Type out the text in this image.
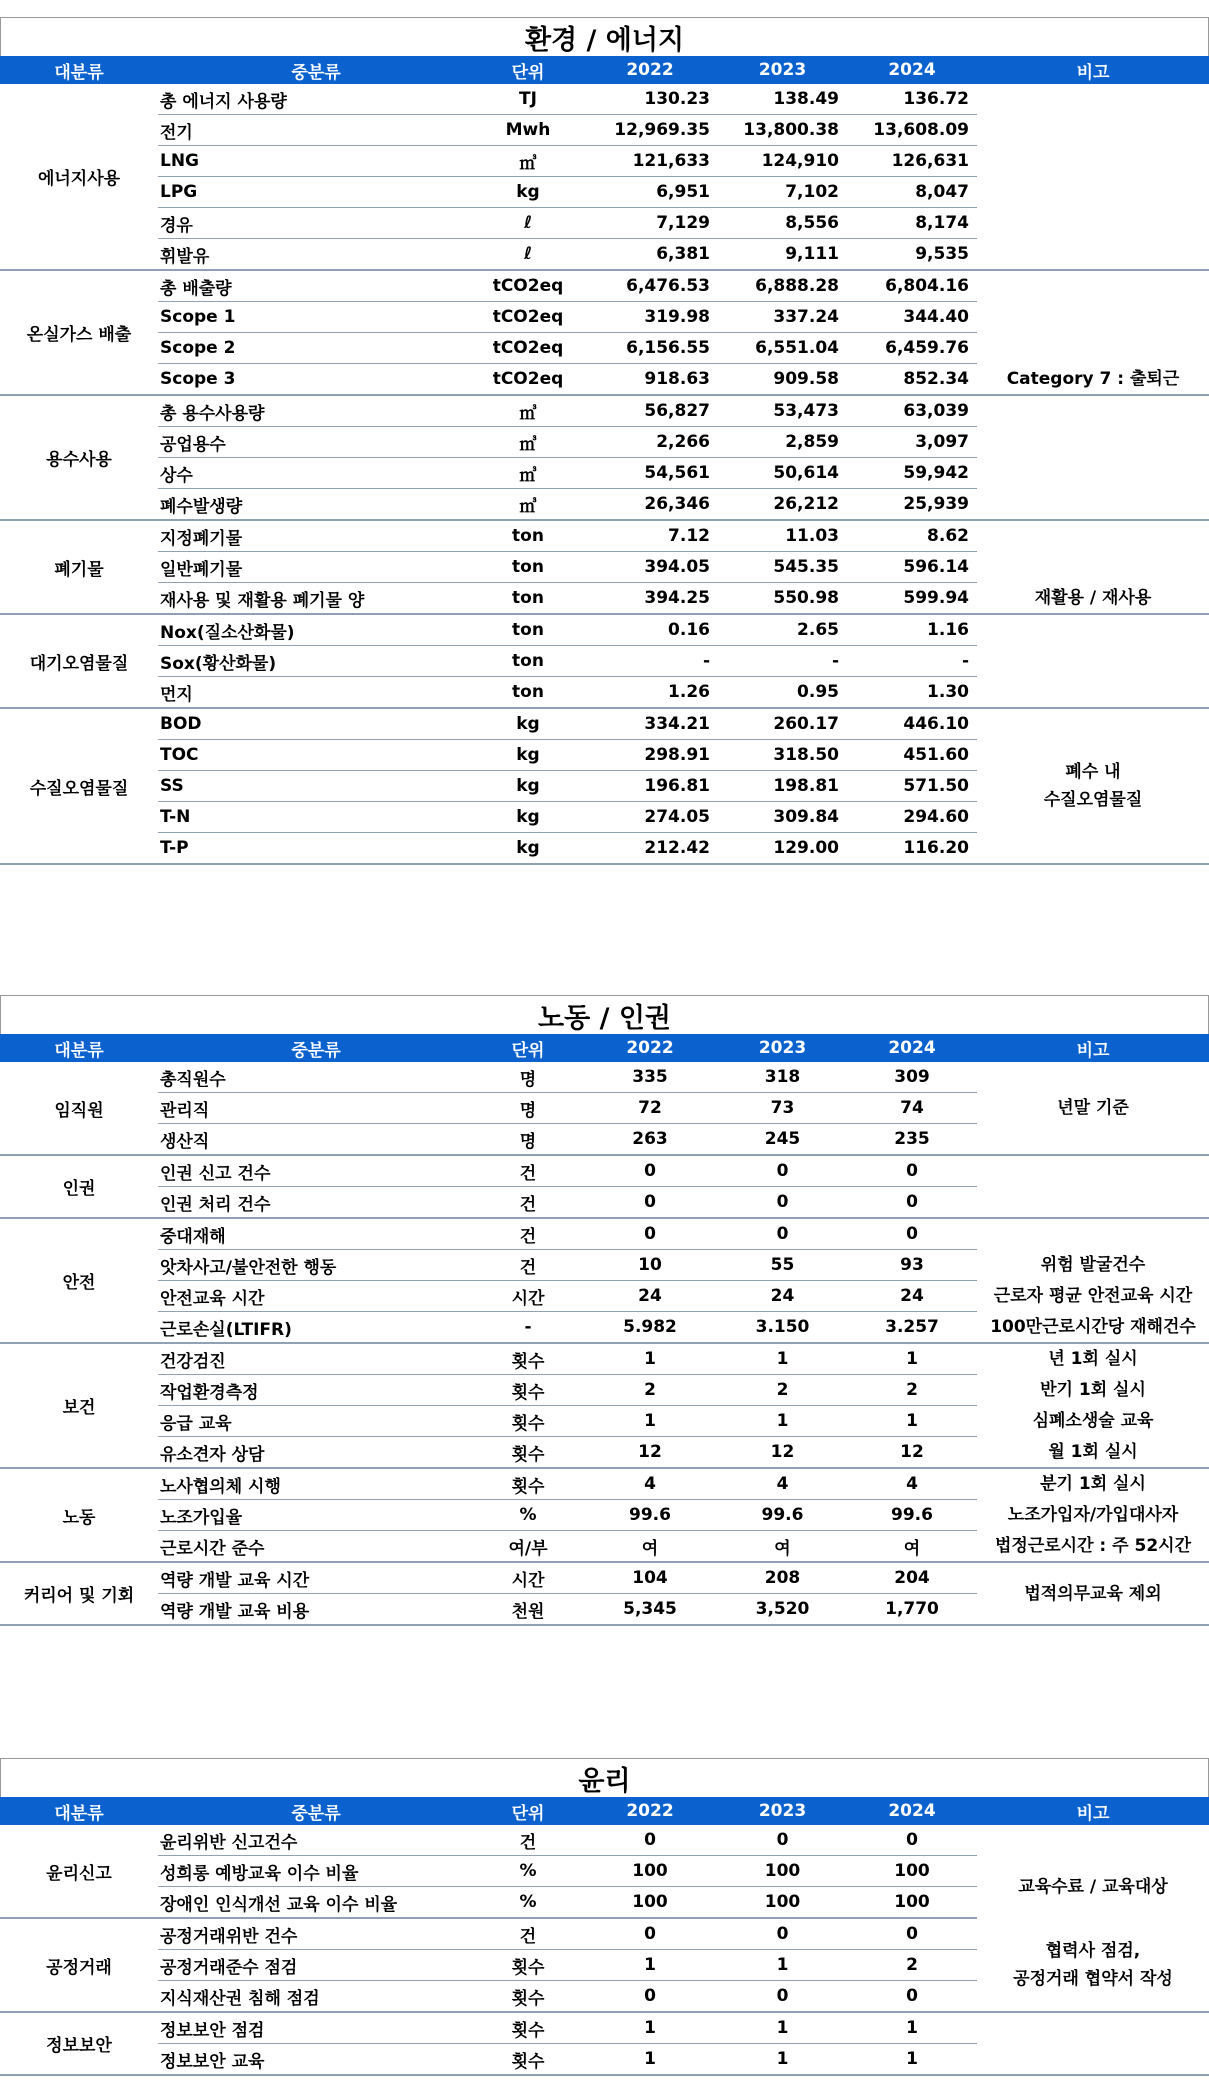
환경 / 에너지
대분류	중분류	단위	2022	2023	2024	비고
에너지사용	총 에너지 사용량	TJ	130.23	138.49	136.72	
	전기	Mwh	12,969.35	13,800.38	13,608.09	
	LNG	㎥	121,633	124,910	126,631	
	LPG	kg	6,951	7,102	8,047	
	경유	ℓ	7,129	8,556	8,174	
	휘발유	ℓ	6,381	9,111	9,535	
온실가스 배출	총 배출량	tCO2eq	6,476.53	6,888.28	6,804.16	
	Scope 1	tCO2eq	319.98	337.24	344.40	
	Scope 2	tCO2eq	6,156.55	6,551.04	6,459.76	
	Scope 3	tCO2eq	918.63	909.58	852.34	Category 7 : 출퇴근
용수사용	총 용수사용량	㎥	56,827	53,473	63,039	
	공업용수	㎥	2,266	2,859	3,097	
	상수	㎥	54,561	50,614	59,942	
	폐수발생량	㎥	26,346	26,212	25,939	
폐기물	지정폐기물	ton	7.12	11.03	8.62	
	일반폐기물	ton	394.05	545.35	596.14	
	재사용 및 재활용 폐기물 양	ton	394.25	550.98	599.94	재활용 / 재사용
대기오염물질	Nox(질소산화물)	ton	0.16	2.65	1.16	
	Sox(황산화물)	ton	-	-	-	
	먼지	ton	1.26	0.95	1.30	
수질오염물질	BOD	kg	334.21	260.17	446.10	폐수 내
수질오염물질
	TOC	kg	298.91	318.50	451.60	
	SS	kg	196.81	198.81	571.50	
	T-N	kg	274.05	309.84	294.60	
	T-P	kg	212.42	129.00	116.20	
노동 / 인권
대분류	중분류	단위	2022	2023	2024	비고
임직원	총직원수	명	335	318	309	년말 기준
	관리직	명	72	73	74	
	생산직	명	263	245	235	
인권	인권 신고 건수	건	0	0	0	
	인권 처리 건수	건	0	0	0	
안전	중대재해	건	0	0	0	
	앗차사고/불안전한 행동	건	10	55	93	위험 발굴건수
	안전교육 시간	시간	24	24	24	근로자 평균 안전교육 시간
	근로손실(LTIFR)	-	5.982	3.150	3.257	100만근로시간당 재해건수
보건	건강검진	횟수	1	1	1	년 1회 실시
	작업환경측정	횟수	2	2	2	반기 1회 실시
	응급 교육	횟수	1	1	1	심폐소생술 교육
	유소견자 상담	횟수	12	12	12	월 1회 실시
노동	노사협의체 시행	횟수	4	4	4	분기 1회 실시
	노조가입율	%	99.6	99.6	99.6	노조가입자/가입대사자
	근로시간 준수	여/부	여	여	여	법정근로시간 : 주 52시간
커리어 및 기회	역량 개발 교육 시간	시간	104	208	204	법적의무교육 제외
	역량 개발 교육 비용	천원	5,345	3,520	1,770	
윤리
대분류	중분류	단위	2022	2023	2024	비고
윤리신고	윤리위반 신고건수	건	0	0	0	
	성희롱 예방교육 이수 비율	%	100	100	100	교육수료 / 교육대상
	장애인 인식개선 교육 이수 비율	%	100	100	100	
공정거래	공정거래위반 건수	건	0	0	0	협력사 점검,
공정거래 협약서 작성
	공정거래준수 점검	횟수	1	1	2	
	지식재산권 침해 점검	횟수	0	0	0	
정보보안	정보보안 점검	횟수	1	1	1	
	정보보안 교육	횟수	1	1	1	
